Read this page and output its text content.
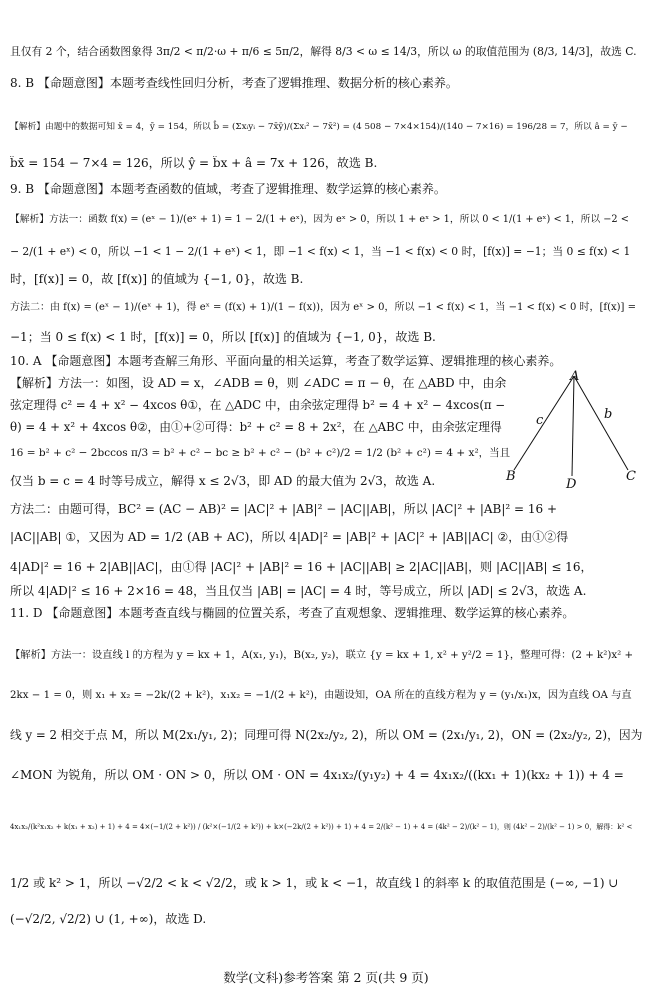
且仅有 2 个，结合函数图象得 3π/2 < π/2·ω + π/6 ≤ 5π/2，解得 8/3 < ω ≤ 14/3，所以 ω 的取值范围为 (8/3, 14/3]，故选 C.
8. B 【命题意图】本题考查线性回归分析，考查了逻辑推理、数据分析的核心素养。
【解析】由题中的数据可知 x̄ = 4，ȳ = 154，所以 b̂ = (Σxᵢyᵢ − 7x̄ȳ)/(Σxᵢ² − 7x̄²) = (4 508 − 7×4×154)/(140 − 7×16) = 196/28 = 7，所以 â = ȳ −
b̂x̄ = 154 − 7×4 = 126，所以 ŷ = b̂x + â = 7x + 126，故选 B.
9. B 【命题意图】本题考查函数的值域，考查了逻辑推理、数学运算的核心素养。
【解析】方法一：函数 f(x) = (eˣ − 1)/(eˣ + 1) = 1 − 2/(1 + eˣ)，因为 eˣ > 0，所以 1 + eˣ > 1，所以 0 < 1/(1 + eˣ) < 1，所以 −2 <
− 2/(1 + eˣ) < 0，所以 −1 < 1 − 2/(1 + eˣ) < 1，即 −1 < f(x) < 1，当 −1 < f(x) < 0 时，[f(x)] = −1；当 0 ≤ f(x) < 1
时，[f(x)] = 0，故 [f(x)] 的值域为 {−1, 0}，故选 B.
方法二：由 f(x) = (eˣ − 1)/(eˣ + 1)，得 eˣ = (f(x) + 1)/(1 − f(x))，因为 eˣ > 0，所以 −1 < f(x) < 1，当 −1 < f(x) < 0 时，[f(x)] =
−1；当 0 ≤ f(x) < 1 时，[f(x)] = 0，所以 [f(x)] 的值域为 {−1, 0}，故选 B.
10. A 【命题意图】本题考查解三角形、平面向量的相关运算，考查了数学运算、逻辑推理的核心素养。
【解析】方法一：如图，设 AD = x，∠ADB = θ，则 ∠ADC = π − θ，在 △ABD 中，由余
弦定理得 c² = 4 + x² − 4xcos θ①，在 △ADC 中，由余弦定理得 b² = 4 + x² − 4xcos(π −
θ) = 4 + x² + 4xcos θ②，由①+②可得：b² + c² = 8 + 2x²，在 △ABC 中，由余弦定理得
16 = b² + c² − 2bccos π/3 = b² + c² − bc ≥ b² + c² − (b² + c²)/2 = 1/2 (b² + c²) = 4 + x²，当且
仅当 b = c = 4 时等号成立，解得 x ≤ 2√3，即 AD 的最大值为 2√3，故选 A.
方法二：由题可得，BC² = (AC − AB)² = |AC|² + |AB|² − |AC||AB|，所以 |AC|² + |AB|² = 16 +
|AC||AB| ①，又因为 AD = 1/2 (AB + AC)，所以 4|AD|² = |AB|² + |AC|² + |AB||AC| ②，由①②得
4|AD|² = 16 + 2|AB||AC|，由①得 |AC|² + |AB|² = 16 + |AC||AB| ≥ 2|AC||AB|，则 |AC||AB| ≤ 16，
所以 4|AD|² ≤ 16 + 2×16 = 48，当且仅当 |AB| = |AC| = 4 时，等号成立，所以 |AD| ≤ 2√3，故选 A.
11. D 【命题意图】本题考查直线与椭圆的位置关系，考查了直观想象、逻辑推理、数学运算的核心素养。
【解析】方法一：设直线 l 的方程为 y = kx + 1，A(x₁, y₁)，B(x₂, y₂)，联立 {y = kx + 1, x² + y²/2 = 1}，整理可得：(2 + k²)x² +
2kx − 1 = 0，则 x₁ + x₂ = −2k/(2 + k²)，x₁x₂ = −1/(2 + k²)，由题设知，OA 所在的直线方程为 y = (y₁/x₁)x，因为直线 OA 与直
线 y = 2 相交于点 M，所以 M(2x₁/y₁, 2)；同理可得 N(2x₂/y₂, 2)，所以 OM = (2x₁/y₁, 2)，ON = (2x₂/y₂, 2)，因为
∠MON 为锐角，所以 OM · ON > 0，所以 OM · ON = 4x₁x₂/(y₁y₂) + 4 = 4x₁x₂/((kx₁ + 1)(kx₂ + 1)) + 4 =
4x₁x₂/(k²x₁x₂ + k(x₁ + x₂) + 1) + 4 = 4×(−1/(2 + k²)) / (k²×(−1/(2 + k²)) + k×(−2k/(2 + k²)) + 1) + 4 = 2/(k² − 1) + 4 = (4k² − 2)/(k² − 1)，则 (4k² − 2)/(k² − 1) > 0，解得：k² <
1/2 或 k² > 1，所以 −√2/2 < k < √2/2，或 k > 1，或 k < −1，故直线 l 的斜率 k 的取值范围是 (−∞, −1) ∪
(−√2/2, √2/2) ∪ (1, +∞)，故选 D.
A
B
D
C
c	b
数学(文科)参考答案 第 2 页(共 9 页)
